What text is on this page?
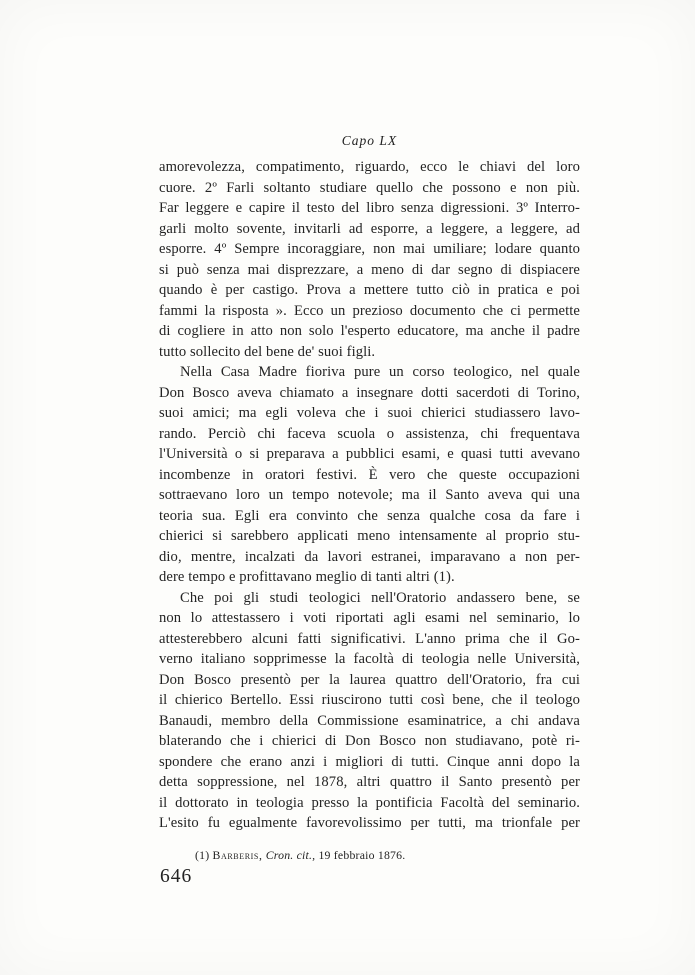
Capo LX
amorevolezza, compatimento, riguardo, ecco le chiavi del loro
cuore. 2º Farli soltanto studiare quello che possono e non più.
Far leggere e capire il testo del libro senza digressioni. 3º Interro-
garli molto sovente, invitarli ad esporre, a leggere, a leggere, ad
esporre. 4º Sempre incoraggiare, non mai umiliare; lodare quanto
si può senza mai disprezzare, a meno di dar segno di dispiacere
quando è per castigo. Prova a mettere tutto ciò in pratica e poi
fammi la risposta ». Ecco un prezioso documento che ci permette
di cogliere in atto non solo l'esperto educatore, ma anche il padre
tutto sollecito del bene de' suoi figli.
Nella Casa Madre fioriva pure un corso teologico, nel quale
Don Bosco aveva chiamato a insegnare dotti sacerdoti di Torino,
suoi amici; ma egli voleva che i suoi chierici studiassero lavo-
rando. Perciò chi faceva scuola o assistenza, chi frequentava
l'Università o si preparava a pubblici esami, e quasi tutti avevano
incombenze in oratori festivi. È vero che queste occupazioni
sottraevano loro un tempo notevole; ma il Santo aveva qui una
teoria sua. Egli era convinto che senza qualche cosa da fare i
chierici si sarebbero applicati meno intensamente al proprio stu-
dio, mentre, incalzati da lavori estranei, imparavano a non per-
dere tempo e profittavano meglio di tanti altri (1).
Che poi gli studi teologici nell'Oratorio andassero bene, se
non lo attestassero i voti riportati agli esami nel seminario, lo
attesterebbero alcuni fatti significativi. L'anno prima che il Go-
verno italiano sopprimesse la facoltà di teologia nelle Università,
Don Bosco presentò per la laurea quattro dell'Oratorio, fra cui
il chierico Bertello. Essi riuscirono tutti così bene, che il teologo
Banaudi, membro della Commissione esaminatrice, a chi andava
blaterando che i chierici di Don Bosco non studiavano, potè ri-
spondere che erano anzi i migliori di tutti. Cinque anni dopo la
detta soppressione, nel 1878, altri quattro il Santo presentò per
il dottorato in teologia presso la pontificia Facoltà del seminario.
L'esito fu egualmente favorevolissimo per tutti, ma trionfale per
(1) Barberis, Cron. cit., 19 febbraio 1876.
646
